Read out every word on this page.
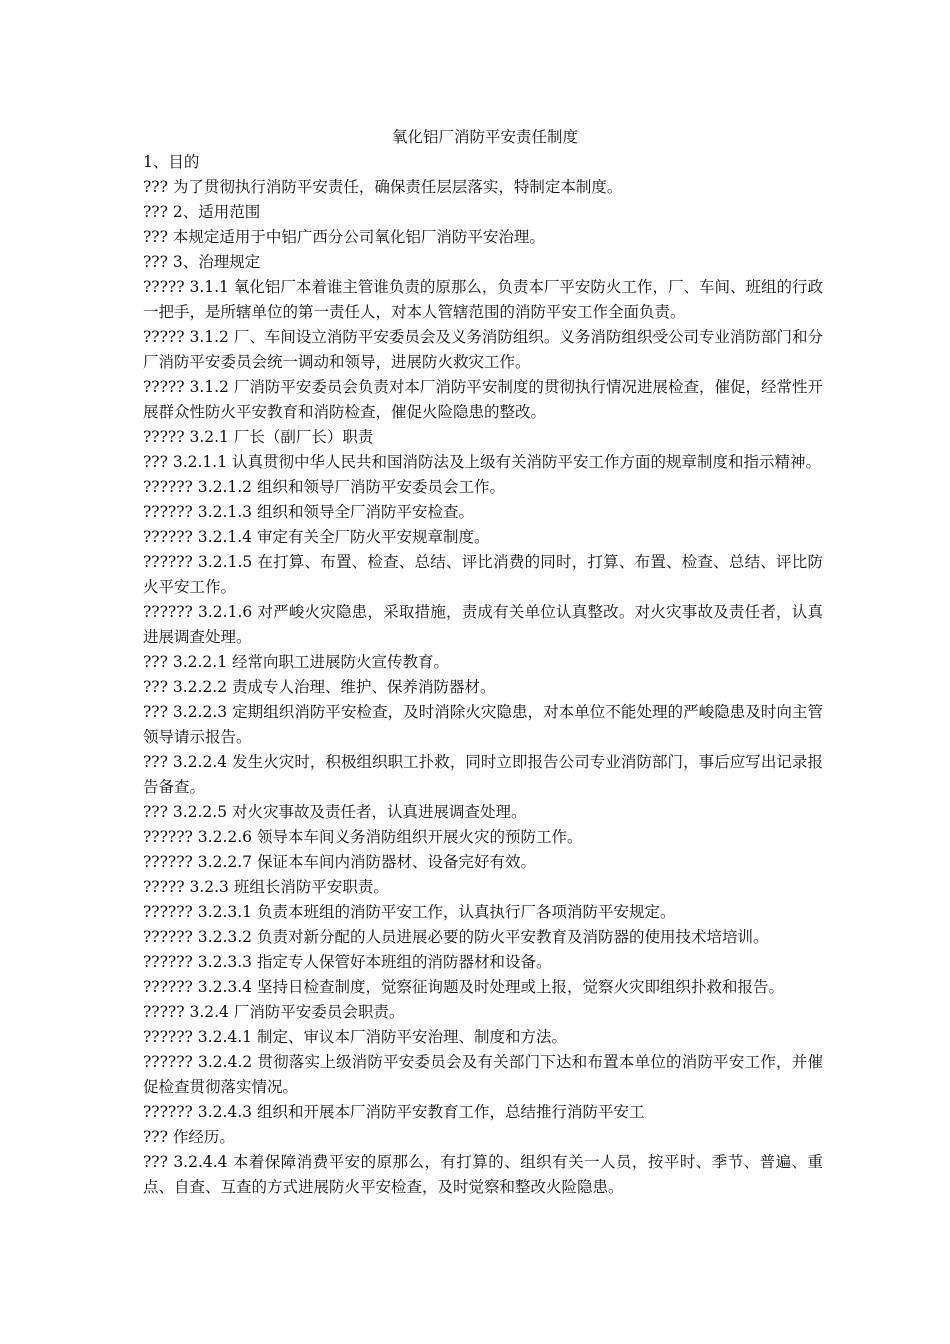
氧化铝厂消防平安责任制度

1、目的

??? 为了贯彻执行消防平安责任，确保责任层层落实，特制定本制度。

??? 2、适用范围

??? 本规定适用于中铝广西分公司氧化铝厂消防平安治理。

??? 3、治理规定

????? 3.1.1 氧化铝厂本着谁主管谁负责的原那么，负责本厂平安防火工作，厂、车间、班组的行政一把手，是所辖单位的第一责任人，对本人管辖范围的消防平安工作全面负责。

????? 3.1.2 厂、车间设立消防平安委员会及义务消防组织。义务消防组织受公司专业消防部门和分厂消防平安委员会统一调动和领导，进展防火救灾工作。

????? 3.1.2 厂消防平安委员会负责对本厂消防平安制度的贯彻执行情况进展检查，催促，经常性开展群众性防火平安教育和消防检查，催促火险隐患的整改。

????? 3.2.1 厂长（副厂长）职责

??? 3.2.1.1 认真贯彻中华人民共和国消防法及上级有关消防平安工作方面的规章制度和指示精神。

?????? 3.2.1.2 组织和领导厂消防平安委员会工作。

?????? 3.2.1.3 组织和领导全厂消防平安检查。

?????? 3.2.1.4 审定有关全厂防火平安规章制度。

?????? 3.2.1.5 在打算、布置、检查、总结、评比消费的同时，打算、布置、检查、总结、评比防火平安工作。

?????? 3.2.1.6 对严峻火灾隐患，采取措施，责成有关单位认真整改。对火灾事故及责任者，认真进展调查处理。

??? 3.2.2.1 经常向职工进展防火宣传教育。

??? 3.2.2.2 责成专人治理、维护、保养消防器材。

??? 3.2.2.3 定期组织消防平安检查，及时消除火灾隐患，对本单位不能处理的严峻隐患及时向主管领导请示报告。

??? 3.2.2.4 发生火灾时，积极组织职工扑救，同时立即报告公司专业消防部门，事后应写出记录报告备查。

??? 3.2.2.5 对火灾事故及责任者，认真进展调查处理。

?????? 3.2.2.6 领导本车间义务消防组织开展火灾的预防工作。

?????? 3.2.2.7 保证本车间内消防器材、设备完好有效。

????? 3.2.3 班组长消防平安职责。

?????? 3.2.3.1 负责本班组的消防平安工作，认真执行厂各项消防平安规定。

?????? 3.2.3.2 负责对新分配的人员进展必要的防火平安教育及消防器的使用技术培培训。

?????? 3.2.3.3 指定专人保管好本班组的消防器材和设备。

?????? 3.2.3.4 坚持日检查制度，觉察征询题及时处理或上报，觉察火灾即组织扑救和报告。

????? 3.2.4 厂消防平安委员会职责。

?????? 3.2.4.1 制定、审议本厂消防平安治理、制度和方法。

?????? 3.2.4.2 贯彻落实上级消防平安委员会及有关部门下达和布置本单位的消防平安工作，并催促检查贯彻落实情况。

?????? 3.2.4.3 组织和开展本厂消防平安教育工作，总结推行消防平安工

??? 作经历。

??? 3.2.4.4 本着保障消费平安的原那么，有打算的、组织有关一人员，按平时、季节、普遍、重点、自查、互查的方式进展防火平安检查，及时觉察和整改火险隐患。
